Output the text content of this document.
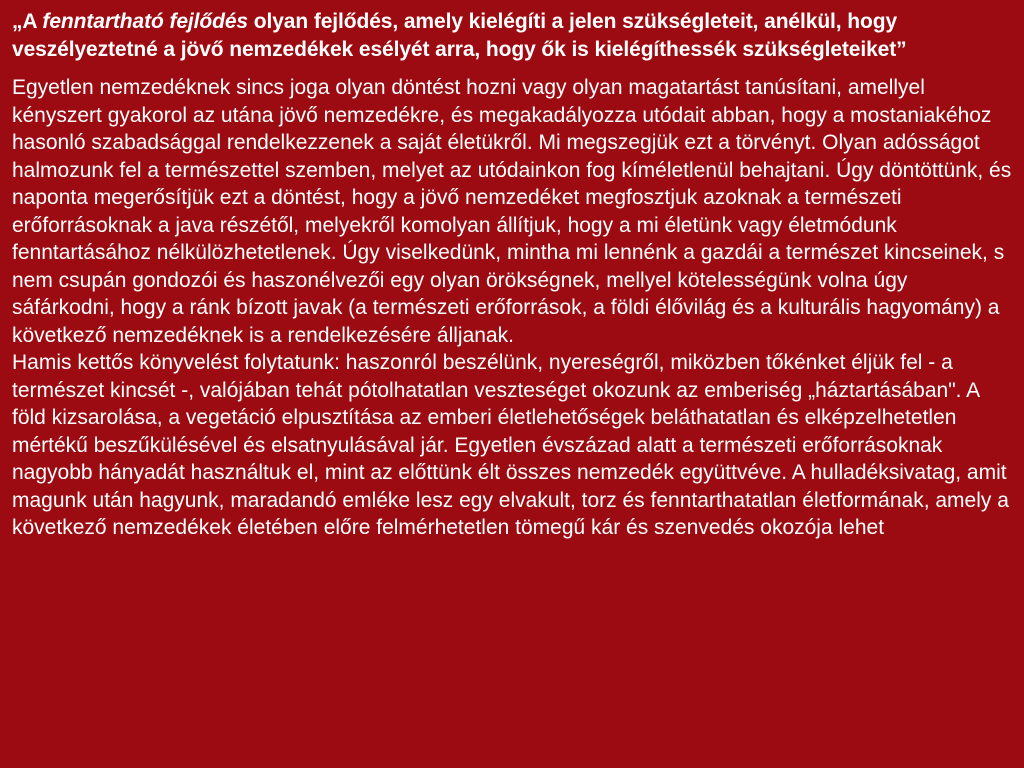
„A fenntartható fejlődés olyan fejlődés, amely kielégíti a jelen szükségleteit, anélkül, hogy veszélyeztetné a jövő nemzedékek esélyét arra, hogy ők is kielégíthessék szükségleteiket”

Egyetlen nemzedéknek sincs joga olyan döntést hozni vagy olyan magatartást tanúsítani, amellyel kényszert gyakorol az utána jövő nemzedékre, és megakadályozza utódait abban, hogy a mostaniakéhoz hasonló szabadsággal rendelkezzenek a saját életükről. Mi megszegjük ezt a törvényt. Olyan adósságot halmozunk fel a természettel szemben, melyet az utódainkon fog kíméletlenül behajtani. Úgy döntöttünk, és naponta megerősítjük ezt a döntést, hogy a jövő nemzedéket megfosztjuk azoknak a természeti erőforrásoknak a java részétől, melyekről komolyan állítjuk, hogy a mi életünk vagy életmódunk fenntartásához nélkülözhetetlenek. Úgy viselkedünk, mintha mi lennénk a gazdái a természet kincseinek, s nem csupán gondozói és haszonélvezői egy olyan örökségnek, mellyel kötelességünk volna úgy sáfárkodni, hogy a ránk bízott javak (a természeti erőforrások, a földi élővilág és a kulturális hagyomány) a következő nemzedéknek is a rendelkezésére álljanak.

Hamis kettős könyvelést folytatunk: haszonról beszélünk, nyereségről, miközben tőkénket éljük fel - a természet kincsét -, valójában tehát pótolhatatlan veszteséget okozunk az emberiség „háztartásában". A föld kizsarolása, a vegetáció elpusztítása az emberi életlehetőségek beláthatatlan és elképzelhetetlen mértékű beszűkülésével és elsatnyulásával jár. Egyetlen évszázad alatt a természeti erőforrásoknak nagyobb hányadát használtuk el, mint az előttünk élt összes nemzedék együttvéve. A hulladéksivatag, amit magunk után hagyunk, maradandó emléke lesz egy elvakult, torz és fenntarthatatlan életformának, amely a következő nemzedékek életében előre felmérhetetlen tömegű kár és szenvedés okozója lehet
